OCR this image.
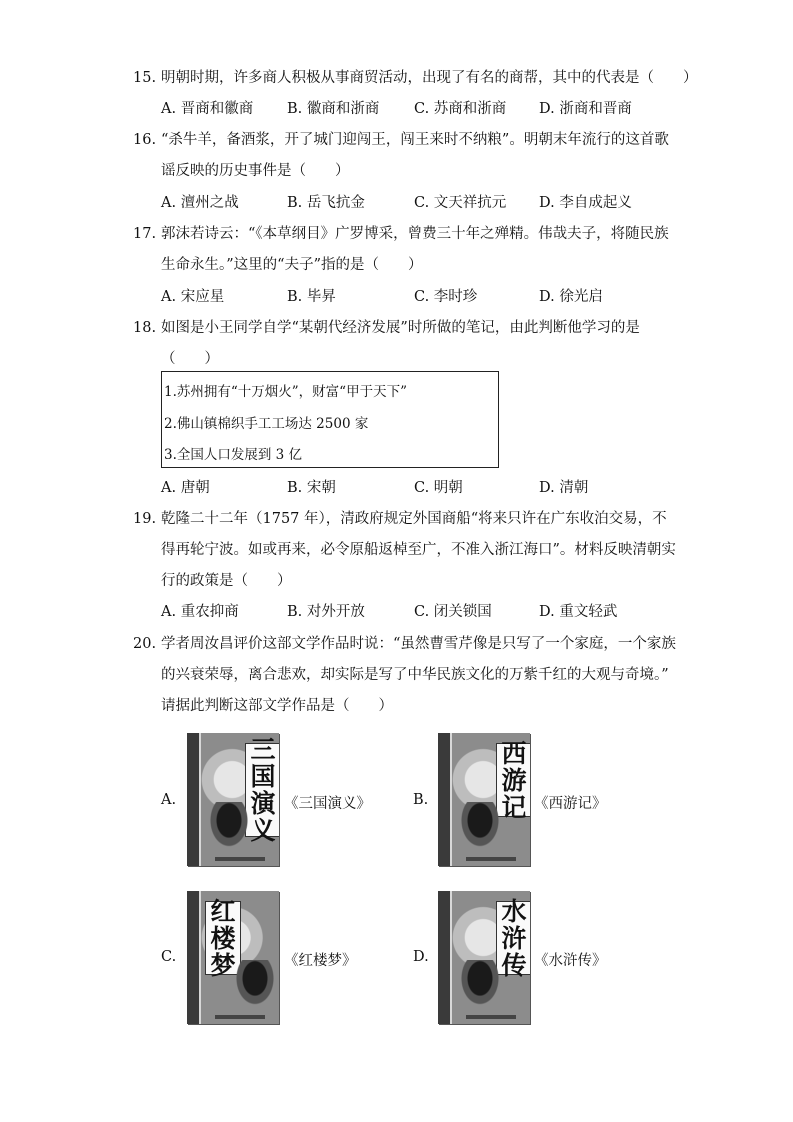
15. 明朝时期，许多商人积极从事商贸活动，出现了有名的商帮，其中的代表是（　　）
A. 晋商和徽商 B. 徽商和浙商 C. 苏商和浙商 D. 浙商和晋商
16. “杀牛羊，备酒浆，开了城门迎闯王，闯王来时不纳粮”。明朝末年流行的这首歌
谣反映的历史事件是（　　）
A. 澶州之战	B. 岳飞抗金	C. 文天祥抗元 D. 李自成起义
17. 郭沫若诗云：“《本草纲目》广罗博采，曾费三十年之殚精。伟哉夫子，将随民族
生命永生。”这里的“夫子”指的是（　　）
A. 宋应星	B. 毕昇	C. 李时珍	D. 徐光启
18. 如图是小王同学自学“某朝代经济发展”时所做的笔记，由此判断他学习的是
（　　）
1.苏州拥有“十万烟火”，财富“甲于天下”
2.佛山镇棉织手工工场达 2500 家
3.全国人口发展到 3 亿
A. 唐朝	B. 宋朝	C. 明朝	D. 清朝
19. 乾隆二十二年（1757 年），清政府规定外国商船“将来只许在广东收泊交易，不
得再轮宁波。如或再来，必令原船返棹至广，不准入浙江海口”。材料反映清朝实
行的政策是（　　）
A. 重农抑商	B. 对外开放	C. 闭关锁国	D. 重文轻武
20. 学者周汝昌评价这部文学作品时说：“虽然曹雪芹像是只写了一个家庭，一个家族
的兴衰荣辱，离合悲欢，却实际是写了中华民族文化的万紫千红的大观与奇境。”
请据此判断这部文学作品是（　　）
A.
三
国
演
义
《三国演义》	B.
西
游
记 《西游记》
C.
红
楼
梦	《红楼梦》	D.
水
浒
传 《水浒传》
